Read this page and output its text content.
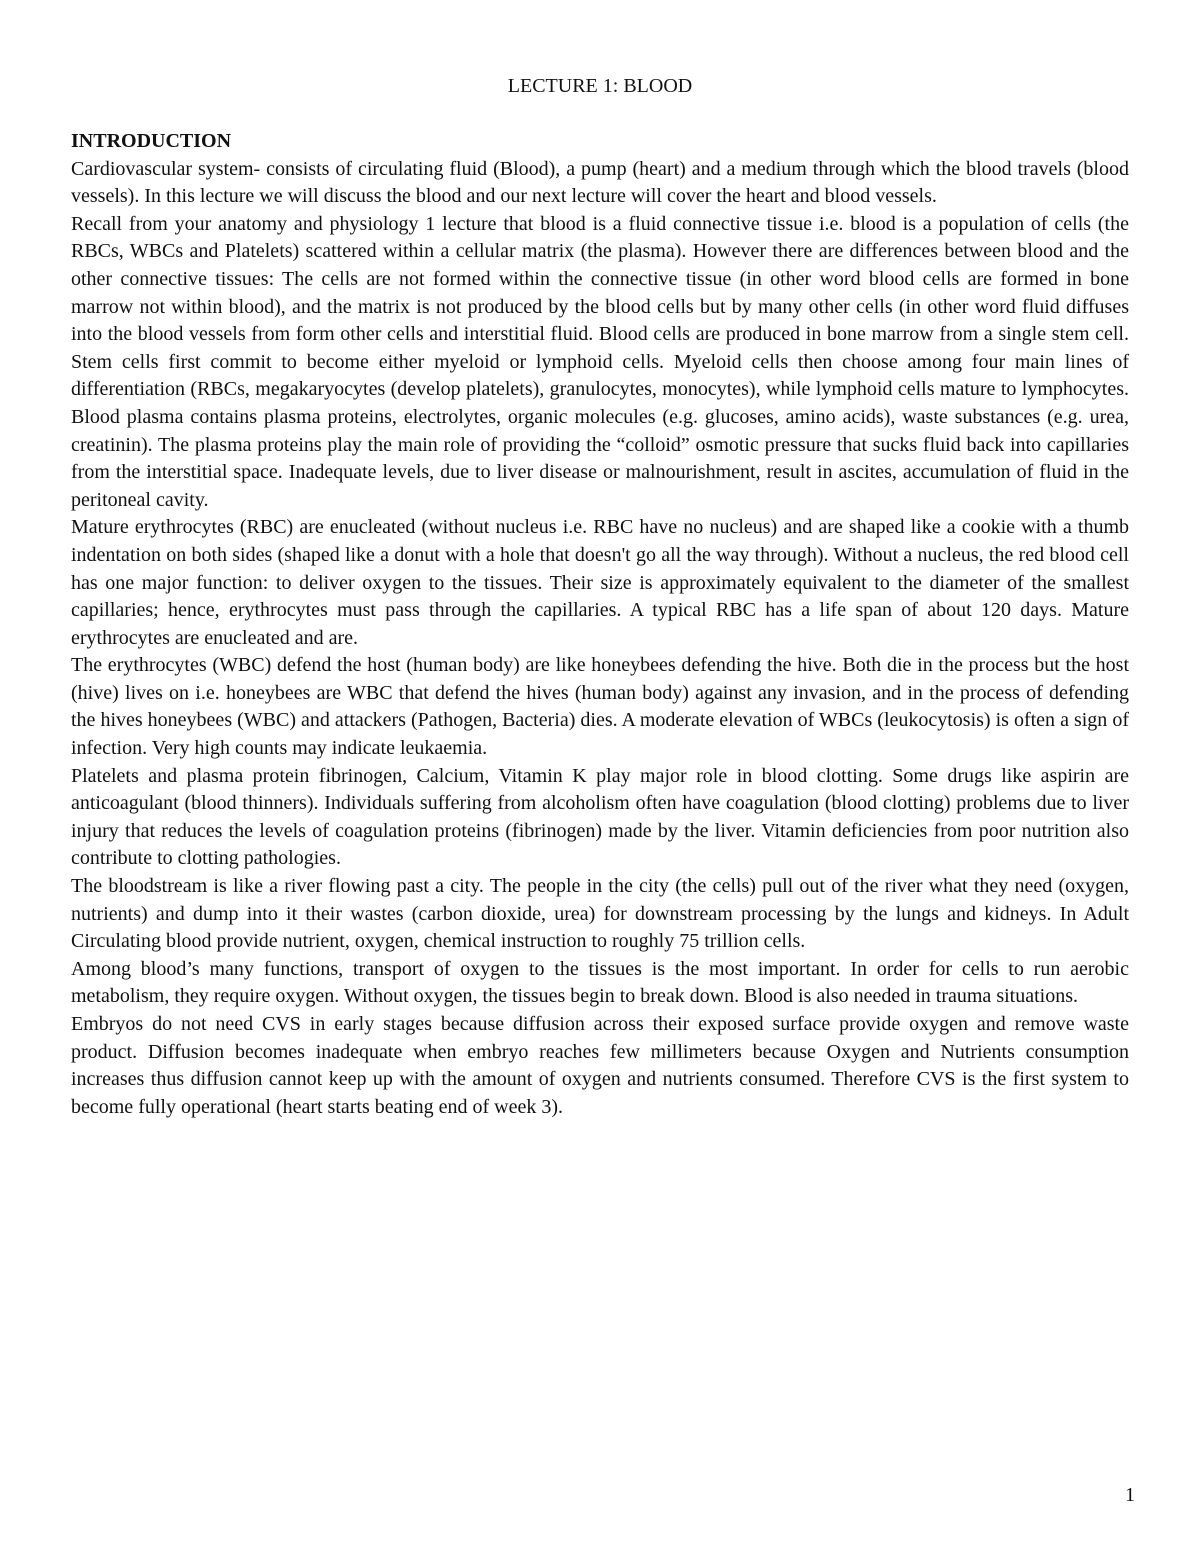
LECTURE 1: BLOOD
INTRODUCTION

Cardiovascular system- consists of circulating fluid (Blood), a pump (heart) and a medium through which the blood travels (blood vessels). In this lecture we will discuss the blood and our next lecture will cover the heart and blood vessels.

Recall from your anatomy and physiology 1 lecture that blood is a fluid connective tissue i.e. blood is a population of cells (the RBCs, WBCs and Platelets) scattered within a cellular matrix (the plasma). However there are differences between blood and the other connective tissues: The cells are not formed within the connective tissue (in other word blood cells are formed in bone marrow not within blood), and the matrix is not produced by the blood cells but by many other cells (in other word fluid diffuses into the blood vessels from form other cells and interstitial fluid. Blood cells are produced in bone marrow from a single stem cell. Stem cells first commit to become either myeloid or lymphoid cells. Myeloid cells then choose among four main lines of differentiation (RBCs, megakaryocytes (develop platelets), granulocytes, monocytes), while lymphoid cells mature to lymphocytes. Blood plasma contains plasma proteins, electrolytes, organic molecules (e.g. glucoses, amino acids), waste substances (e.g. urea, creatinin). The plasma proteins play the main role of providing the “colloid” osmotic pressure that sucks fluid back into capillaries from the interstitial space. Inadequate levels, due to liver disease or malnourishment, result in ascites, accumulation of fluid in the peritoneal cavity.

Mature erythrocytes (RBC) are enucleated (without nucleus i.e. RBC have no nucleus) and are shaped like a cookie with a thumb indentation on both sides (shaped like a donut with a hole that doesn't go all the way through). Without a nucleus, the red blood cell has one major function: to deliver oxygen to the tissues. Their size is approximately equivalent to the diameter of the smallest capillaries; hence, erythrocytes must pass through the capillaries. A typical RBC has a life span of about 120 days. Mature erythrocytes are enucleated and are.

The erythrocytes (WBC) defend the host (human body) are like honeybees defending the hive. Both die in the process but the host (hive) lives on i.e. honeybees are WBC that defend the hives (human body) against any invasion, and in the process of defending the hives honeybees (WBC) and attackers (Pathogen, Bacteria) dies. A moderate elevation of WBCs (leukocytosis) is often a sign of infection. Very high counts may indicate leukaemia.

Platelets and plasma protein fibrinogen, Calcium, Vitamin K play major role in blood clotting. Some drugs like aspirin are anticoagulant (blood thinners). Individuals suffering from alcoholism often have coagulation (blood clotting) problems due to liver injury that reduces the levels of coagulation proteins (fibrinogen) made by the liver. Vitamin deficiencies from poor nutrition also contribute to clotting pathologies.

The bloodstream is like a river flowing past a city. The people in the city (the cells) pull out of the river what they need (oxygen, nutrients) and dump into it their wastes (carbon dioxide, urea) for downstream processing by the lungs and kidneys. In Adult Circulating blood provide nutrient, oxygen, chemical instruction to roughly 75 trillion cells.

Among blood’s many functions, transport of oxygen to the tissues is the most important. In order for cells to run aerobic metabolism, they require oxygen. Without oxygen, the tissues begin to break down. Blood is also needed in trauma situations.

Embryos do not need CVS in early stages because diffusion across their exposed surface provide oxygen and remove waste product. Diffusion becomes inadequate when embryo reaches few millimeters because Oxygen and Nutrients consumption increases thus diffusion cannot keep up with the amount of oxygen and nutrients consumed. Therefore CVS is the first system to become fully operational (heart starts beating end of week 3).

1
